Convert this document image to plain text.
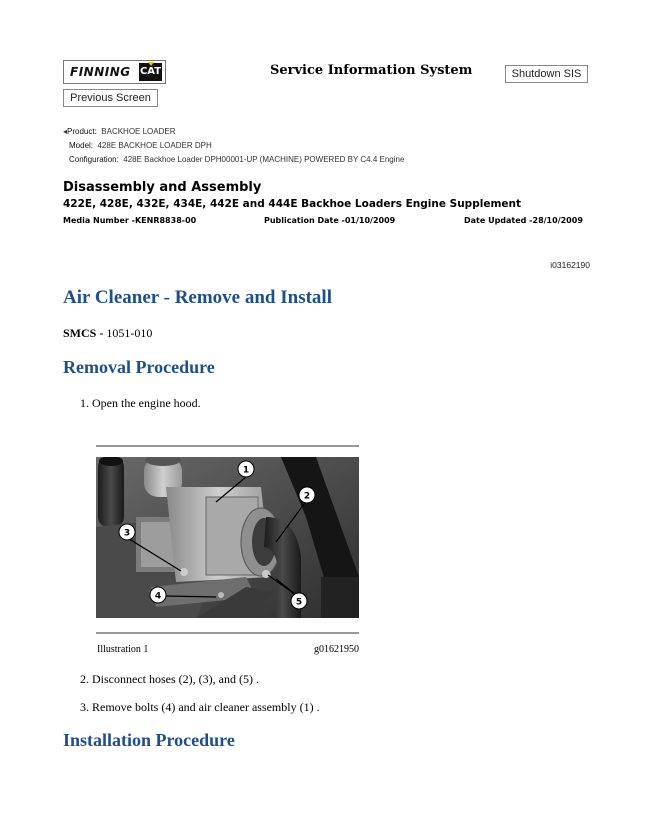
FINNING CAT	Service Information System	Shutdown SIS
Previous Screen
◂Product: BACKHOE LOADER
Model: 428E BACKHOE LOADER DPH
Configuration: 428E Backhoe Loader DPH00001-UP (MACHINE) POWERED BY C4.4 Engine
Disassembly and Assembly
422E, 428E, 432E, 434E, 442E and 444E Backhoe Loaders Engine Supplement
Media Number -KENR8838-00	Publication Date -01/10/2009	Date Updated -28/10/2009
i03162190
Air Cleaner - Remove and Install
SMCS - 1051-010
Removal Procedure
1. Open the engine hood.
1
2
3
4
5
Illustration 1	g01621950
2. Disconnect hoses (2), (3), and (5) .
3. Remove bolts (4) and air cleaner assembly (1) .
Installation Procedure
